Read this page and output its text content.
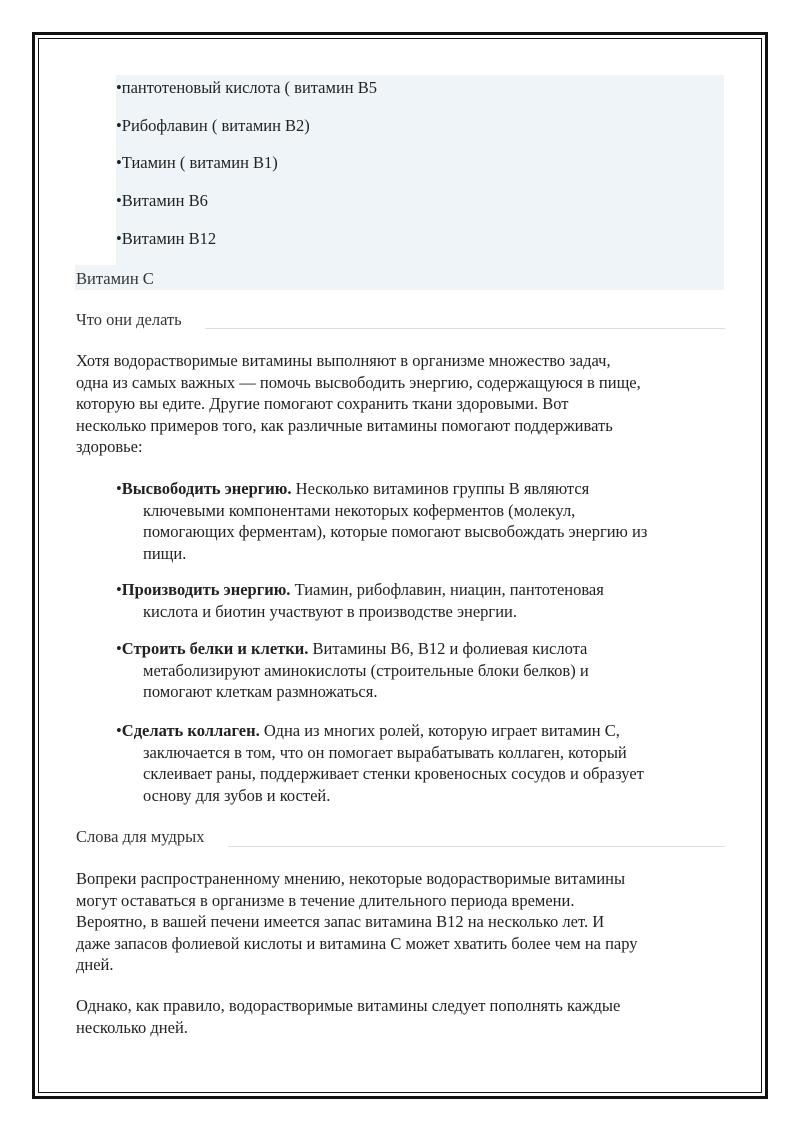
•пантотеновый кислота ( витамин B5
•Рибофлавин ( витамин B2)
•Тиамин ( витамин B1)
•Витамин B6
•Витамин B12
Витамин C
Что они делать
Хотя водорастворимые витамины выполняют в организме множество задач,
одна из самых важных — помочь высвободить энергию, содержащуюся в пище,
которую вы едите. Другие помогают сохранить ткани здоровыми. Вот
несколько примеров того, как различные витамины помогают поддерживать
здоровье:
•Высвободить энергию. Несколько витаминов группы B являются
ключевыми компонентами некоторых коферментов (молекул,
помогающих ферментам), которые помогают высвобождать энергию из
пищи.
•Производить энергию. Тиамин, рибофлавин, ниацин, пантотеновая
кислота и биотин участвуют в производстве энергии.
•Строить белки и клетки. Витамины B6, B12 и фолиевая кислота
метаболизируют аминокислоты (строительные блоки белков) и
помогают клеткам размножаться.
•Сделать коллаген. Одна из многих ролей, которую играет витамин C,
заключается в том, что он помогает вырабатывать коллаген, который
склеивает раны, поддерживает стенки кровеносных сосудов и образует
основу для зубов и костей.
Слова для мудрых
Вопреки распространенному мнению, некоторые водорастворимые витамины
могут оставаться в организме в течение длительного периода времени.
Вероятно, в вашей печени имеется запас витамина B12 на несколько лет. И
даже запасов фолиевой кислоты и витамина C может хватить более чем на пару
дней.
Однако, как правило, водорастворимые витамины следует пополнять каждые
несколько дней.
